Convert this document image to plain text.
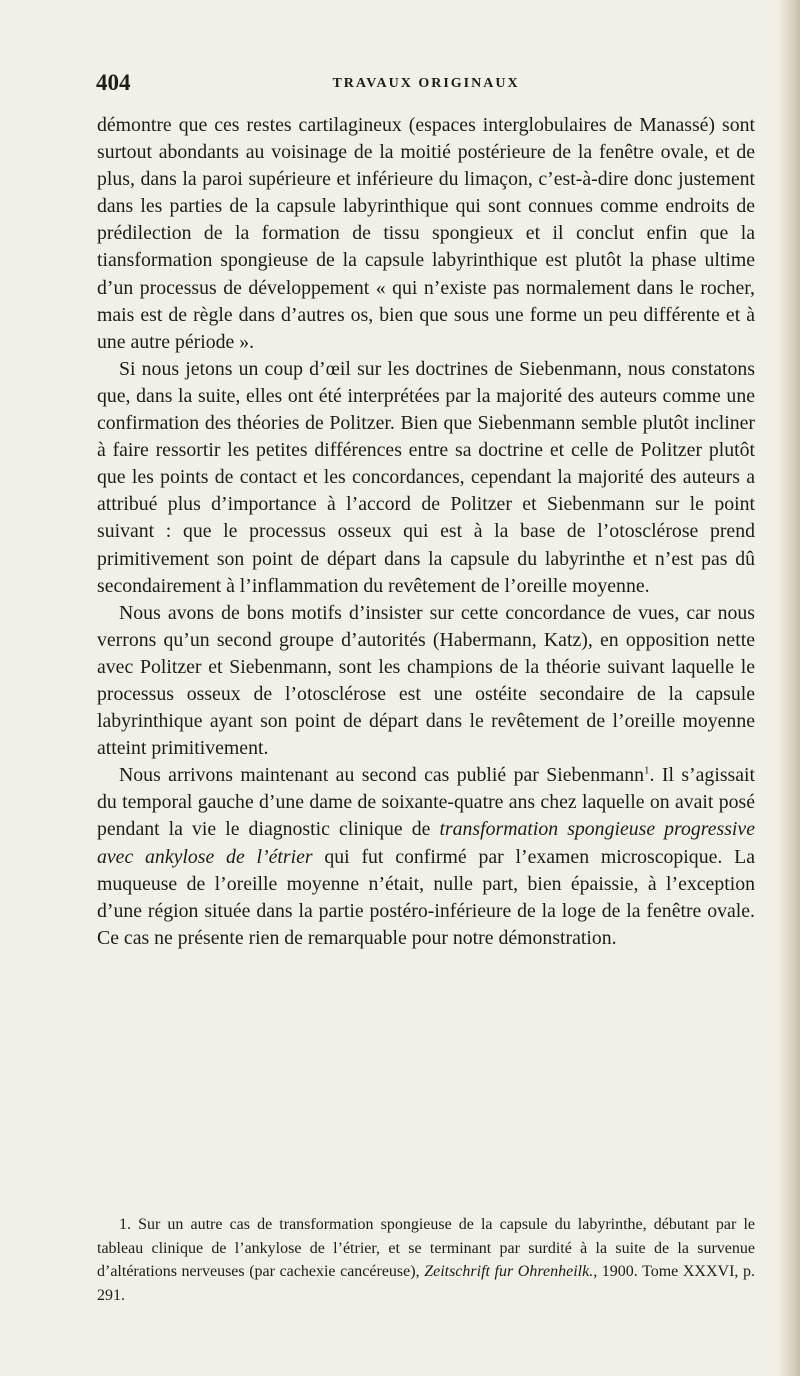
404	TRAVAUX ORIGINAUX

démontre que ces restes cartilagineux (espaces interglobulaires de Manassé) sont surtout abondants au voisinage de la moitié postérieure de la fenêtre ovale, et de plus, dans la paroi supérieure et inférieure du limaçon, c’est-à-dire donc justement dans les parties de la capsule labyrinthique qui sont connues comme endroits de prédilection de la formation de tissu spongieux et il conclut enfin que la tiansformation spongieuse de la capsule labyrinthique est plutôt la phase ultime d’un processus de développement « qui n’existe pas normalement dans le rocher, mais est de règle dans d’autres os, bien que sous une forme un peu différente et à une autre période ».

Si nous jetons un coup d’œil sur les doctrines de Siebenmann, nous constatons que, dans la suite, elles ont été interprétées par la majorité des auteurs comme une confirmation des théories de Politzer. Bien que Siebenmann semble plutôt incliner à faire ressortir les petites différences entre sa doctrine et celle de Politzer plutôt que les points de contact et les concordances, cependant la majorité des auteurs a attribué plus d’importance à l’accord de Politzer et Siebenmann sur le point suivant : que le processus osseux qui est à la base de l’otosclérose prend primitivement son point de départ dans la capsule du labyrinthe et n’est pas dû secondairement à l’inflammation du revêtement de l’oreille moyenne.

Nous avons de bons motifs d’insister sur cette concordance de vues, car nous verrons qu’un second groupe d’autorités (Habermann, Katz), en opposition nette avec Politzer et Siebenmann, sont les champions de la théorie suivant laquelle le processus osseux de l’otosclérose est une ostéite secondaire de la capsule labyrinthique ayant son point de départ dans le revêtement de l’oreille moyenne atteint primitivement.

Nous arrivons maintenant au second cas publié par Siebenmann$^1$. Il s’agissait du temporal gauche d’une dame de soixante-quatre ans chez laquelle on avait posé pendant la vie le diagnostic clinique de transformation spongieuse progressive avec ankylose de l’étrier qui fut confirmé par l’examen microscopique. La muqueuse de l’oreille moyenne n’était, nulle part, bien épaissie, à l’exception d’une région située dans la partie postéro-inférieure de la loge de la fenêtre ovale. Ce cas ne présente rien de remarquable pour notre démonstration.

1. Sur un autre cas de transformation spongieuse de la capsule du labyrinthe, débutant par le tableau clinique de l’ankylose de l’étrier, et se terminant par surdité à la suite de la survenue d’altérations nerveuses (par cachexie cancéreuse), Zeitschrift fur Ohrenheilk., 1900. Tome XXXVI, p. 291.
